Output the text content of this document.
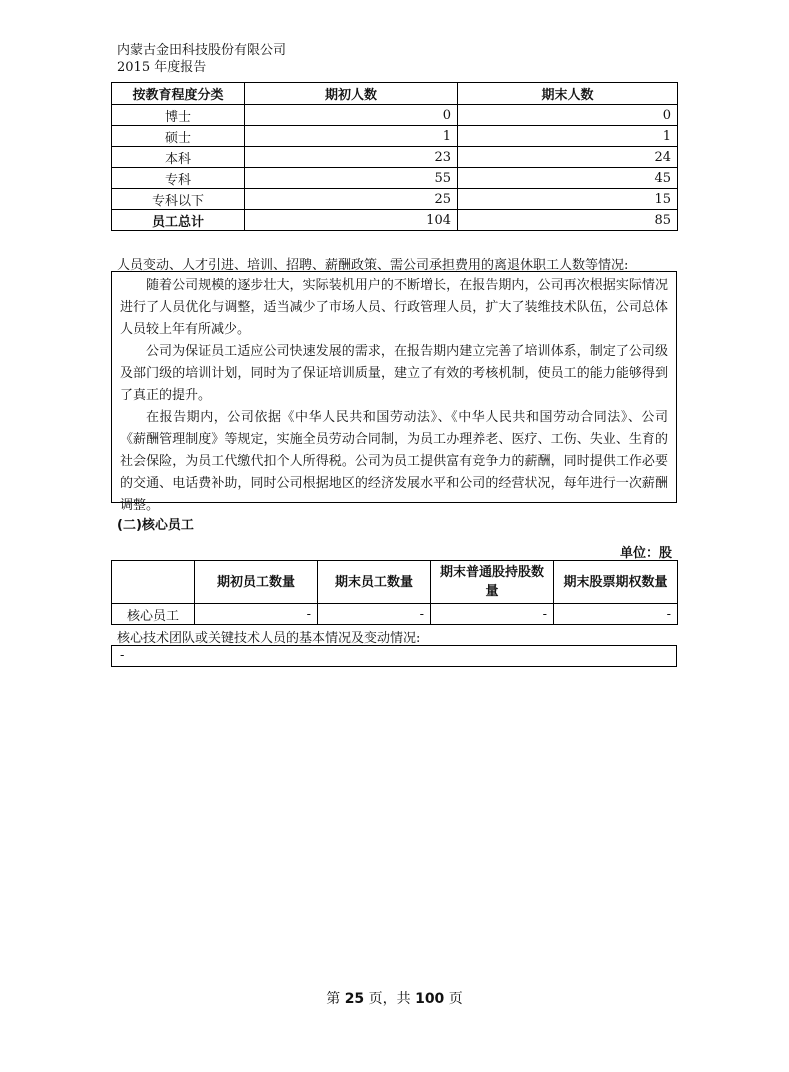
内蒙古金田科技股份有限公司
2015 年度报告
按教育程度分类	期初人数	期末人数
博士	0	0
硕士	1	1
本科	23	24
专科	55	45
专科以下	25	15
员工总计	104	85
人员变动、人才引进、培训、招聘、薪酬政策、需公司承担费用的离退休职工人数等情况:

随着公司规模的逐步壮大，实际装机用户的不断增长，在报告期内，公司再次根据实际情况进行了人员优化与调整，适当减少了市场人员、行政管理人员，扩大了装维技术队伍，公司总体人员较上年有所减少。

公司为保证员工适应公司快速发展的需求，在报告期内建立完善了培训体系，制定了公司级及部门级的培训计划，同时为了保证培训质量，建立了有效的考核机制，使员工的能力能够得到了真正的提升。

在报告期内，公司依据《中华人民共和国劳动法》、《中华人民共和国劳动合同法》、公司《薪酬管理制度》等规定，实施全员劳动合同制，为员工办理养老、医疗、工伤、失业、生育的社会保险，为员工代缴代扣个人所得税。公司为员工提供富有竞争力的薪酬，同时提供工作必要的交通、电话费补助，同时公司根据地区的经济发展水平和公司的经营状况，每年进行一次薪酬调整。

(二)核心员工
单位：股
	期初员工数量	期末员工数量	期末普通股持股数量	期末股票期权数量
核心员工	-	-	-	-
核心技术团队或关键技术人员的基本情况及变动情况:
-
第 25 页，共 100 页
